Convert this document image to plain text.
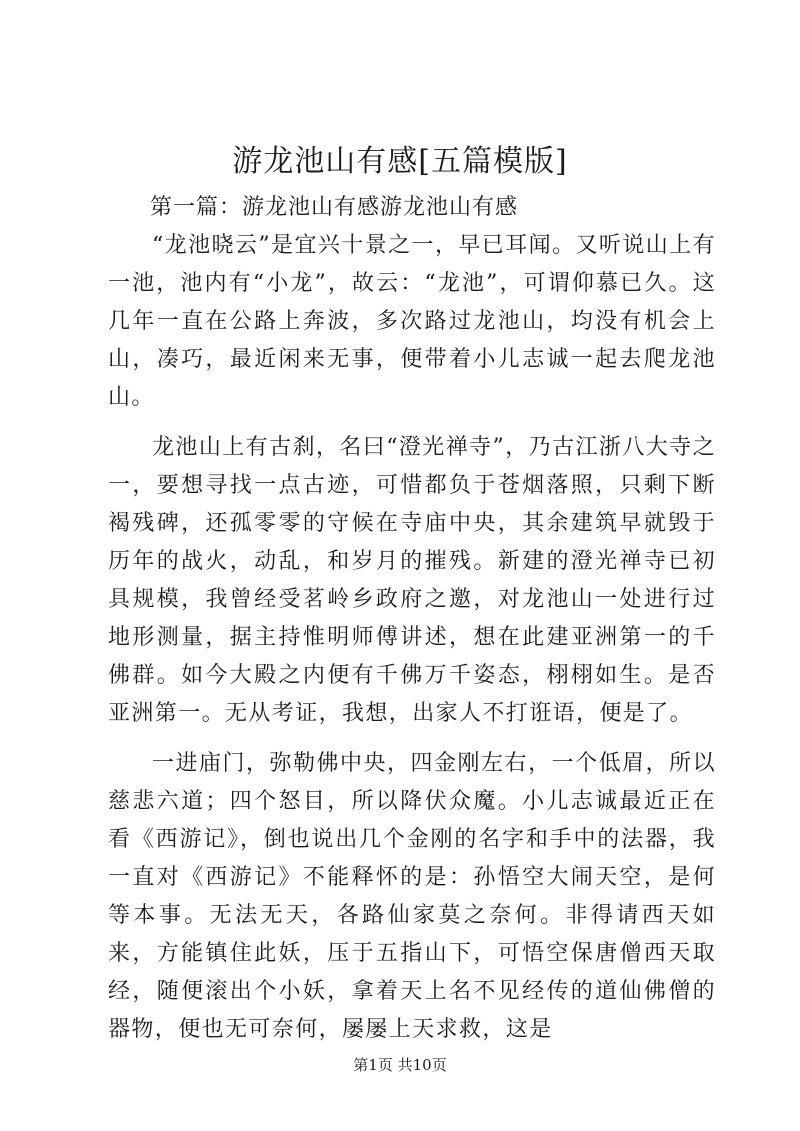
游龙池山有感[五篇模版]

第一篇：游龙池山有感游龙池山有感

“龙池晓云”是宜兴十景之一，早已耳闻。又听说山上有一池，池内有“小龙”，故云：“龙池”，可谓仰慕已久。这几年一直在公路上奔波，多次路过龙池山，均没有机会上山，凑巧，最近闲来无事，便带着小儿志诚一起去爬龙池山。

龙池山上有古刹，名曰“澄光禅寺”，乃古江浙八大寺之一，要想寻找一点古迹，可惜都负于苍烟落照，只剩下断褐残碑，还孤零零的守候在寺庙中央，其余建筑早就毁于历年的战火，动乱，和岁月的摧残。新建的澄光禅寺已初具规模，我曾经受茗岭乡政府之邀，对龙池山一处进行过地形测量，据主持惟明师傅讲述，想在此建亚洲第一的千佛群。如今大殿之内便有千佛万千姿态，栩栩如生。是否亚洲第一。无从考证，我想，出家人不打诳语，便是了。

一进庙门，弥勒佛中央，四金刚左右，一个低眉，所以慈悲六道；四个怒目，所以降伏众魔。小儿志诚最近正在看《西游记》，倒也说出几个金刚的名字和手中的法器，我一直对《西游记》不能释怀的是：孙悟空大闹天空，是何等本事。无法无天，各路仙家莫之奈何。非得请西天如来，方能镇住此妖，压于五指山下，可悟空保唐僧西天取经，随便滚出个小妖，拿着天上名不见经传的道仙佛僧的器物，便也无可奈何，屡屡上天求救，这是

第1页 共10页
